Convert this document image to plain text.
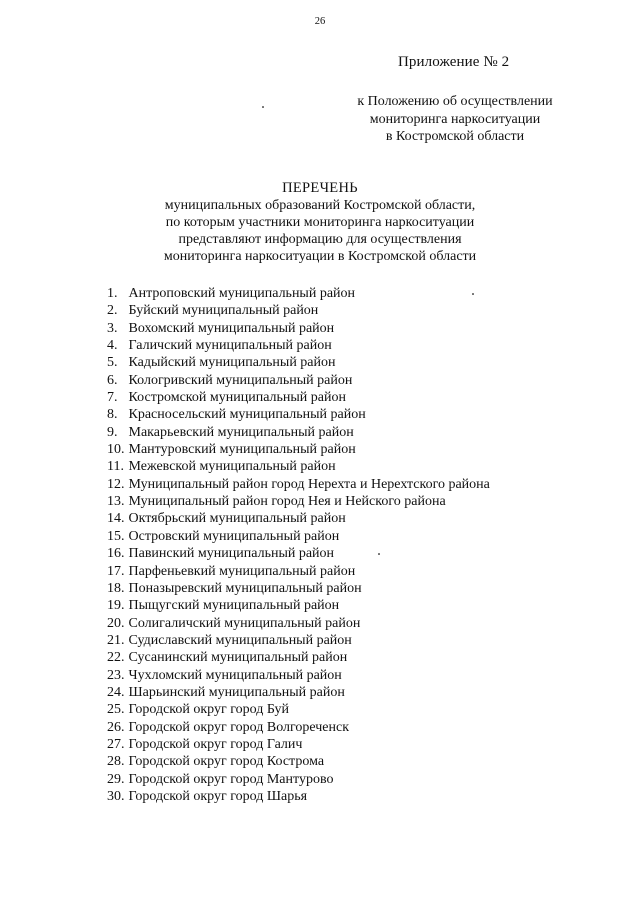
26
Приложение № 2
к Положению об осуществлении
мониторинга наркоситуации
в Костромской области
ПЕРЕЧЕНЬ
муниципальных образований Костромской области,
по которым участники мониторинга наркоситуации
представляют информацию для осуществления
мониторинга наркоситуации в Костромской области
1. Антроповский муниципальный район
2. Буйский муниципальный район
3. Вохомский муниципальный район
4. Галичский муниципальный район
5. Кадыйский муниципальный район
6. Кологривский муниципальный район
7. Костромской муниципальный район
8. Красносельский муниципальный район
9. Макарьевский муниципальный район
10. Мантуровский муниципальный район
11. Межевской муниципальный район
12. Муниципальный район город Нерехта и Нерехтского района
13. Муниципальный район город Нея и Нейского района
14. Октябрьский муниципальный район
15. Островский муниципальный район
16. Павинский муниципальный район
17. Парфеньевкий муниципальный район
18. Поназыревский муниципальный район
19. Пыщугский муниципальный район
20. Солигаличский муниципальный район
21. Судиславский муниципальный район
22. Сусанинский муниципальный район
23. Чухломский муниципальный район
24. Шарьинский муниципальный район
25. Городской округ город Буй
26. Городской округ город Волгореченск
27. Городской округ город Галич
28. Городской округ город Кострома
29. Городской округ город Мантурово
30. Городской округ город Шарья
